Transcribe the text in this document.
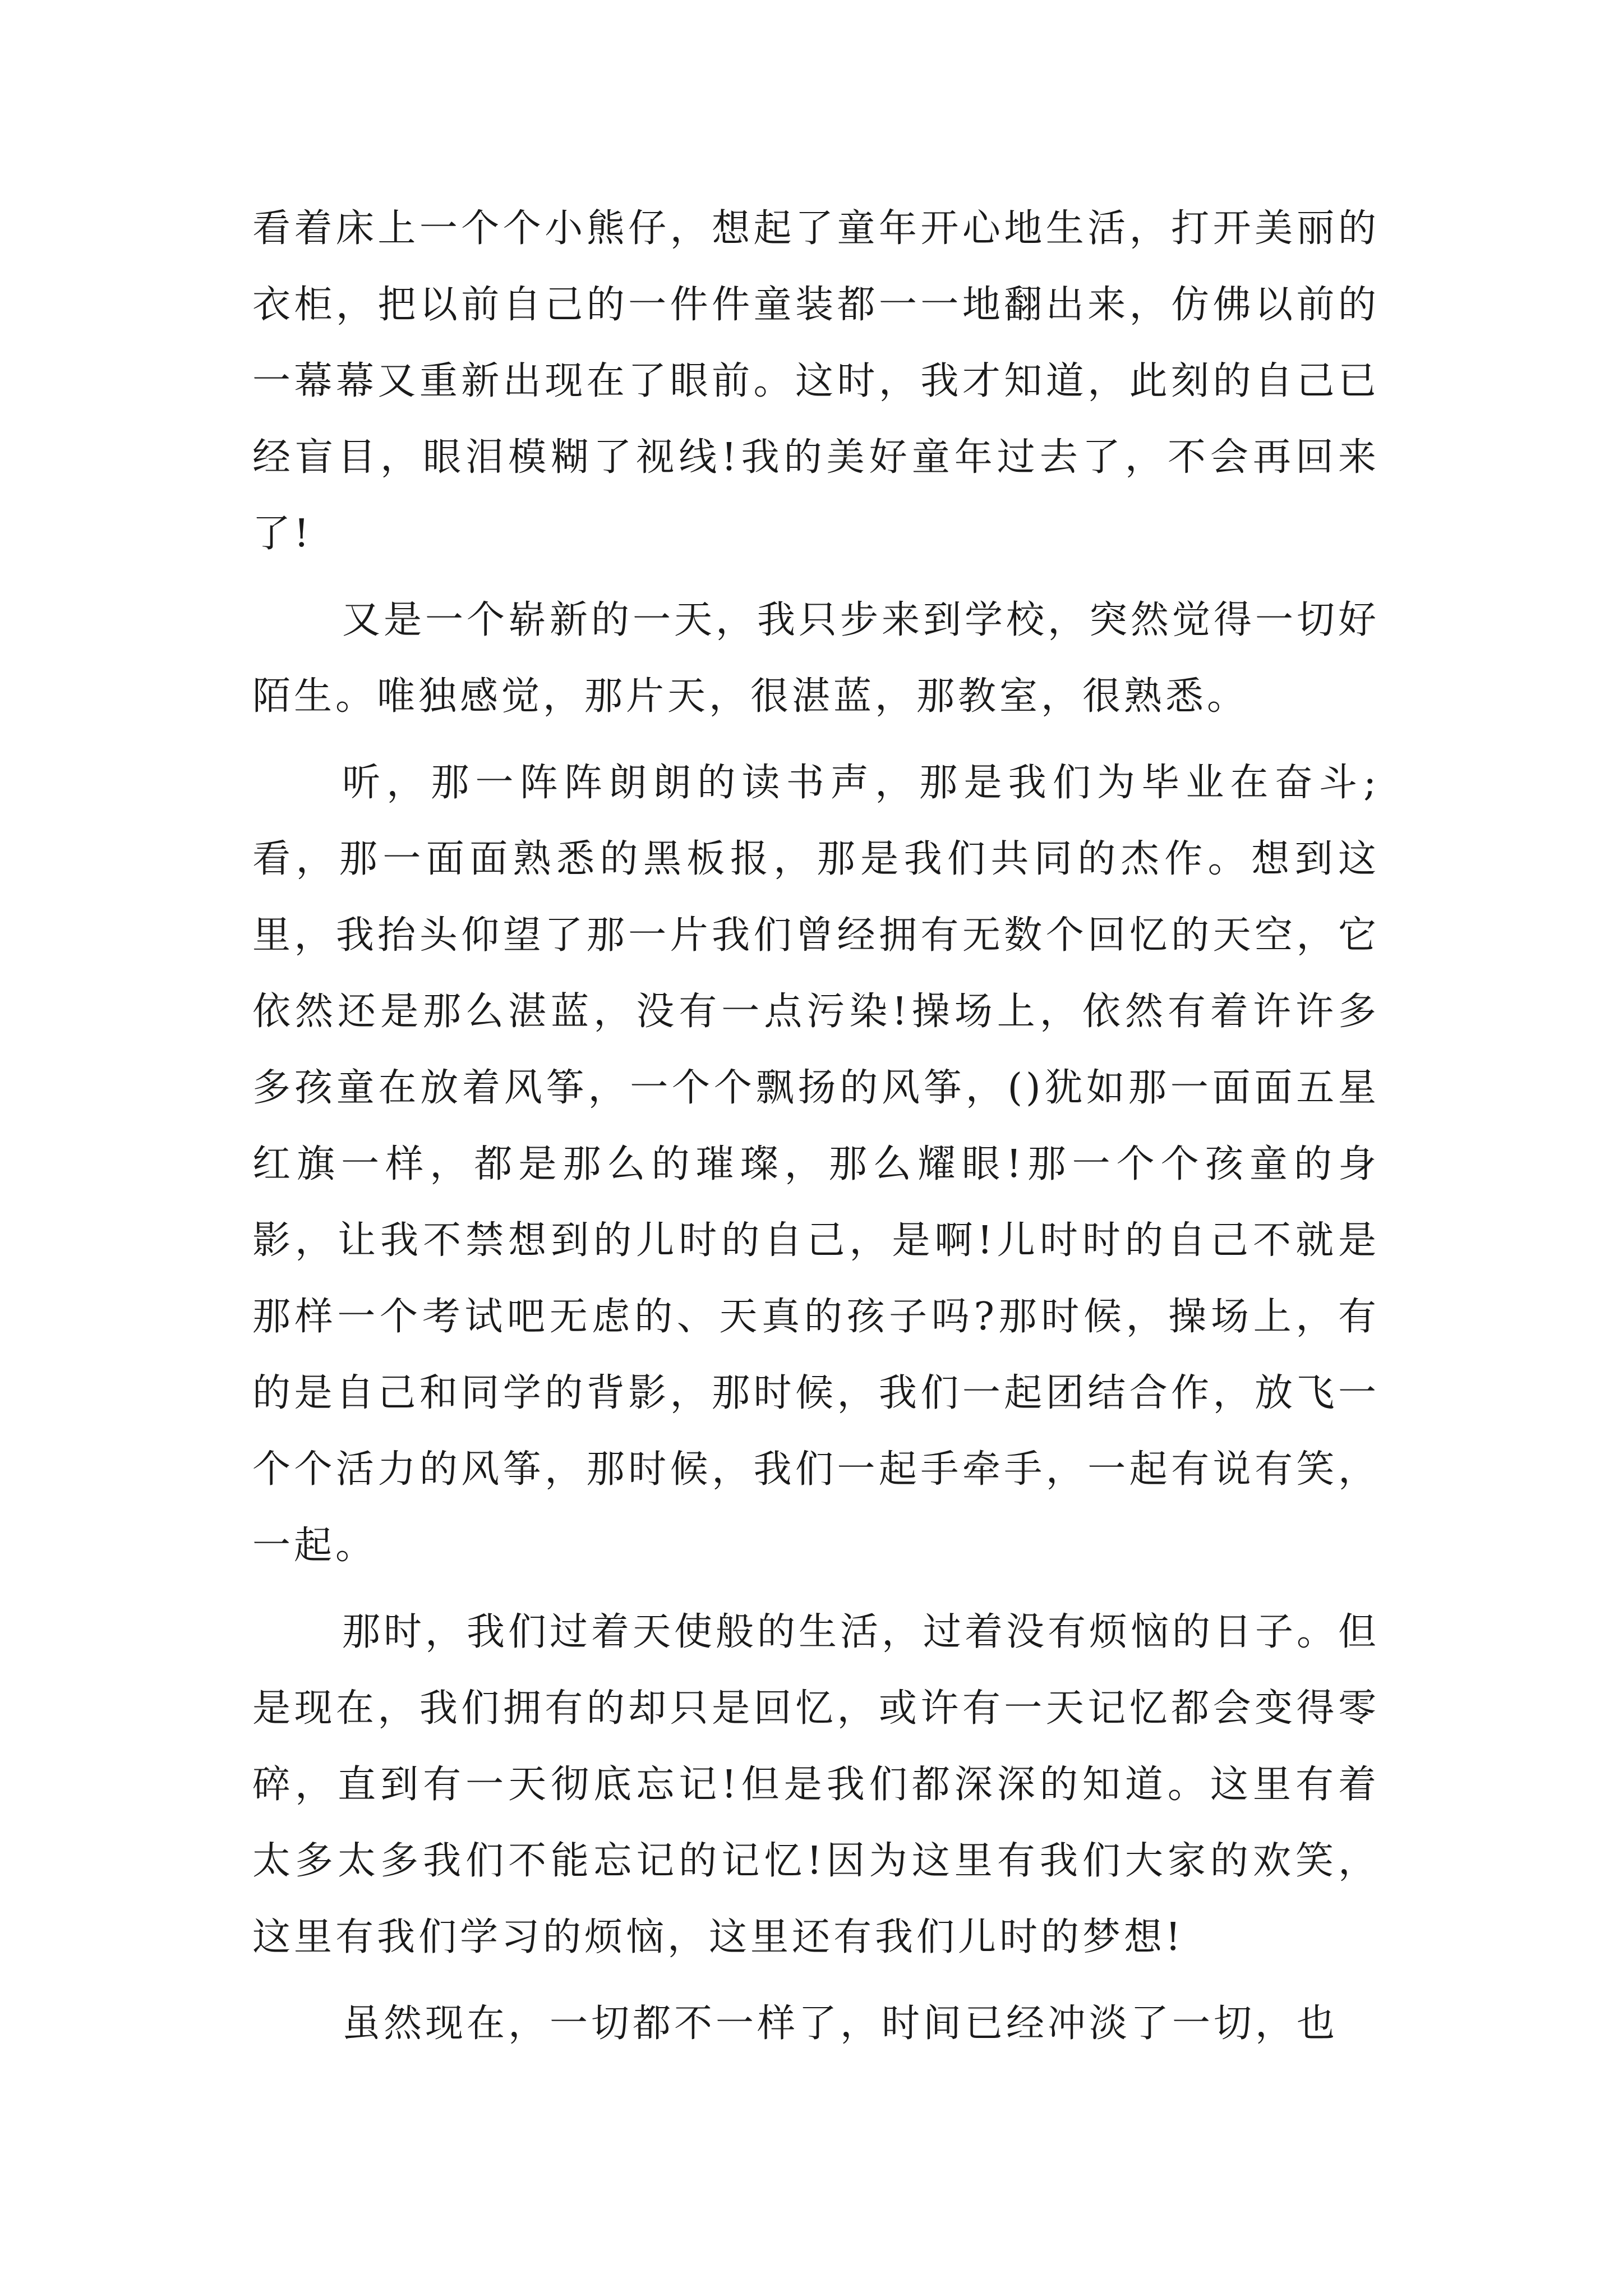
看着床上一个个小熊仔，想起了童年开心地生活，打开美丽的衣柜，把以前自己的一件件童装都一一地翻出来，仿佛以前的一幕幕又重新出现在了眼前。这时，我才知道，此刻的自己已经盲目，眼泪模糊了视线!我的美好童年过去了，不会再回来了!

又是一个崭新的一天，我只步来到学校，突然觉得一切好陌生。唯独感觉，那片天，很湛蓝，那教室，很熟悉。

听，那一阵阵朗朗的读书声，那是我们为毕业在奋斗;看，那一面面熟悉的黑板报，那是我们共同的杰作。想到这里，我抬头仰望了那一片我们曾经拥有无数个回忆的天空，它依然还是那么湛蓝，没有一点污染!操场上，依然有着许许多多孩童在放着风筝，一个个飘扬的风筝，()犹如那一面面五星红旗一样，都是那么的璀璨，那么耀眼!那一个个孩童的身影，让我不禁想到的儿时的自己，是啊!儿时时的自己不就是那样一个考试吧无虑的、天真的孩子吗?那时候，操场上，有的是自己和同学的背影，那时候，我们一起团结合作，放飞一个个活力的风筝，那时候，我们一起手牵手，一起有说有笑，一起。

那时，我们过着天使般的生活，过着没有烦恼的日子。但是现在，我们拥有的却只是回忆，或许有一天记忆都会变得零碎，直到有一天彻底忘记!但是我们都深深的知道。这里有着太多太多我们不能忘记的记忆!因为这里有我们大家的欢笑，这里有我们学习的烦恼，这里还有我们儿时的梦想!

虽然现在，一切都不一样了，时间已经冲淡了一切，也
